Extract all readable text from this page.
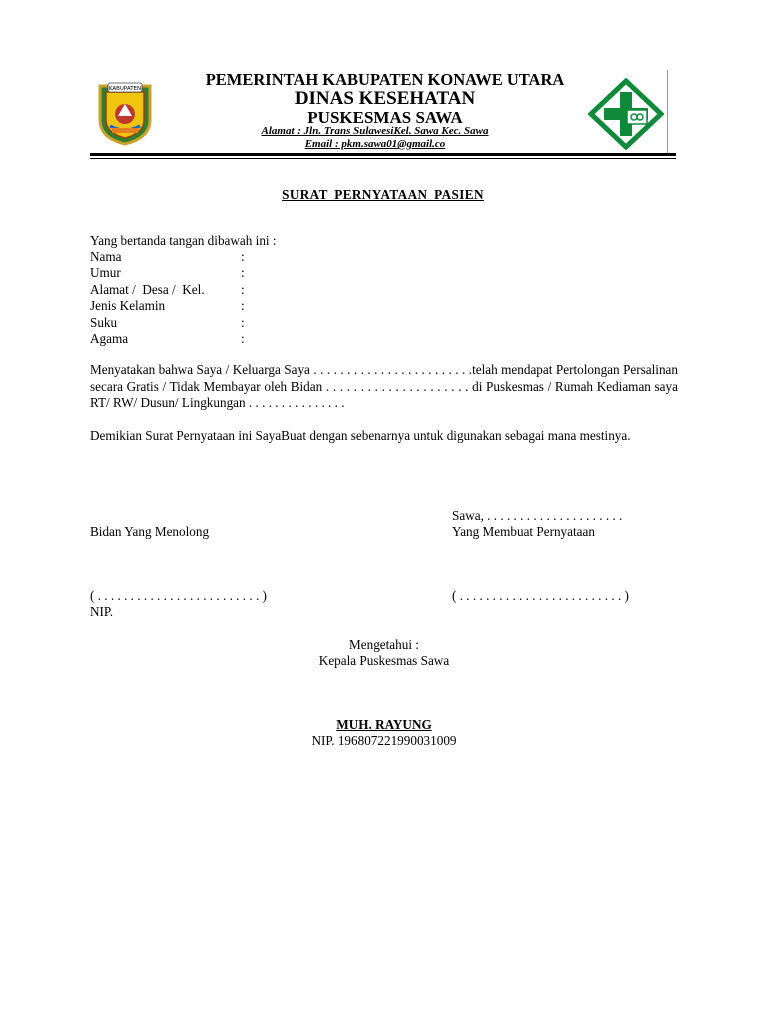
KABUPATEN	PEMERINTAH KABUPATEN KONAWE UTARA
DINAS KESEHATAN
PUSKESMAS SAWA
Alamat : Jln. Trans SulawesiKel. Sawa Kec. Sawa
Email : pkm.sawa01@gmail.co
SURAT PERNYATAAN PASIEN
Yang bertanda tangan dibawah ini :
Nama	:
Umur	:
Alamat /  Desa /  Kel.	:
Jenis Kelamin	:
Suku	:
Agama	:
Menyatakan bahwa Saya / Keluarga Saya . . . . . . . . . . . . . . . . . . . . . . . .telah mendapat Pertolongan Persalinan secara Gratis / Tidak Membayar oleh Bidan . . . . . . . . . . . . . . . . . . . . . di Puskesmas / Rumah Kediaman saya RT/ RW/ Dusun/ Lingkungan . . . . . . . . . . . . . . .
Demikian Surat Pernyataan ini SayaBuat dengan sebenarnya untuk digunakan sebagai mana mestinya.
Sawa, . . . . . . . . . . . . . . . . . . . . .
Bidan Yang Menolong	Yang Membuat Pernyataan
( . . . . . . . . . . . . . . . . . . . . . . . . . )	( . . . . . . . . . . . . . . . . . . . . . . . . . )
NIP.
Mengetahui :
Kepala Puskesmas Sawa
MUH. RAYUNG
NIP. 196807221990031009
